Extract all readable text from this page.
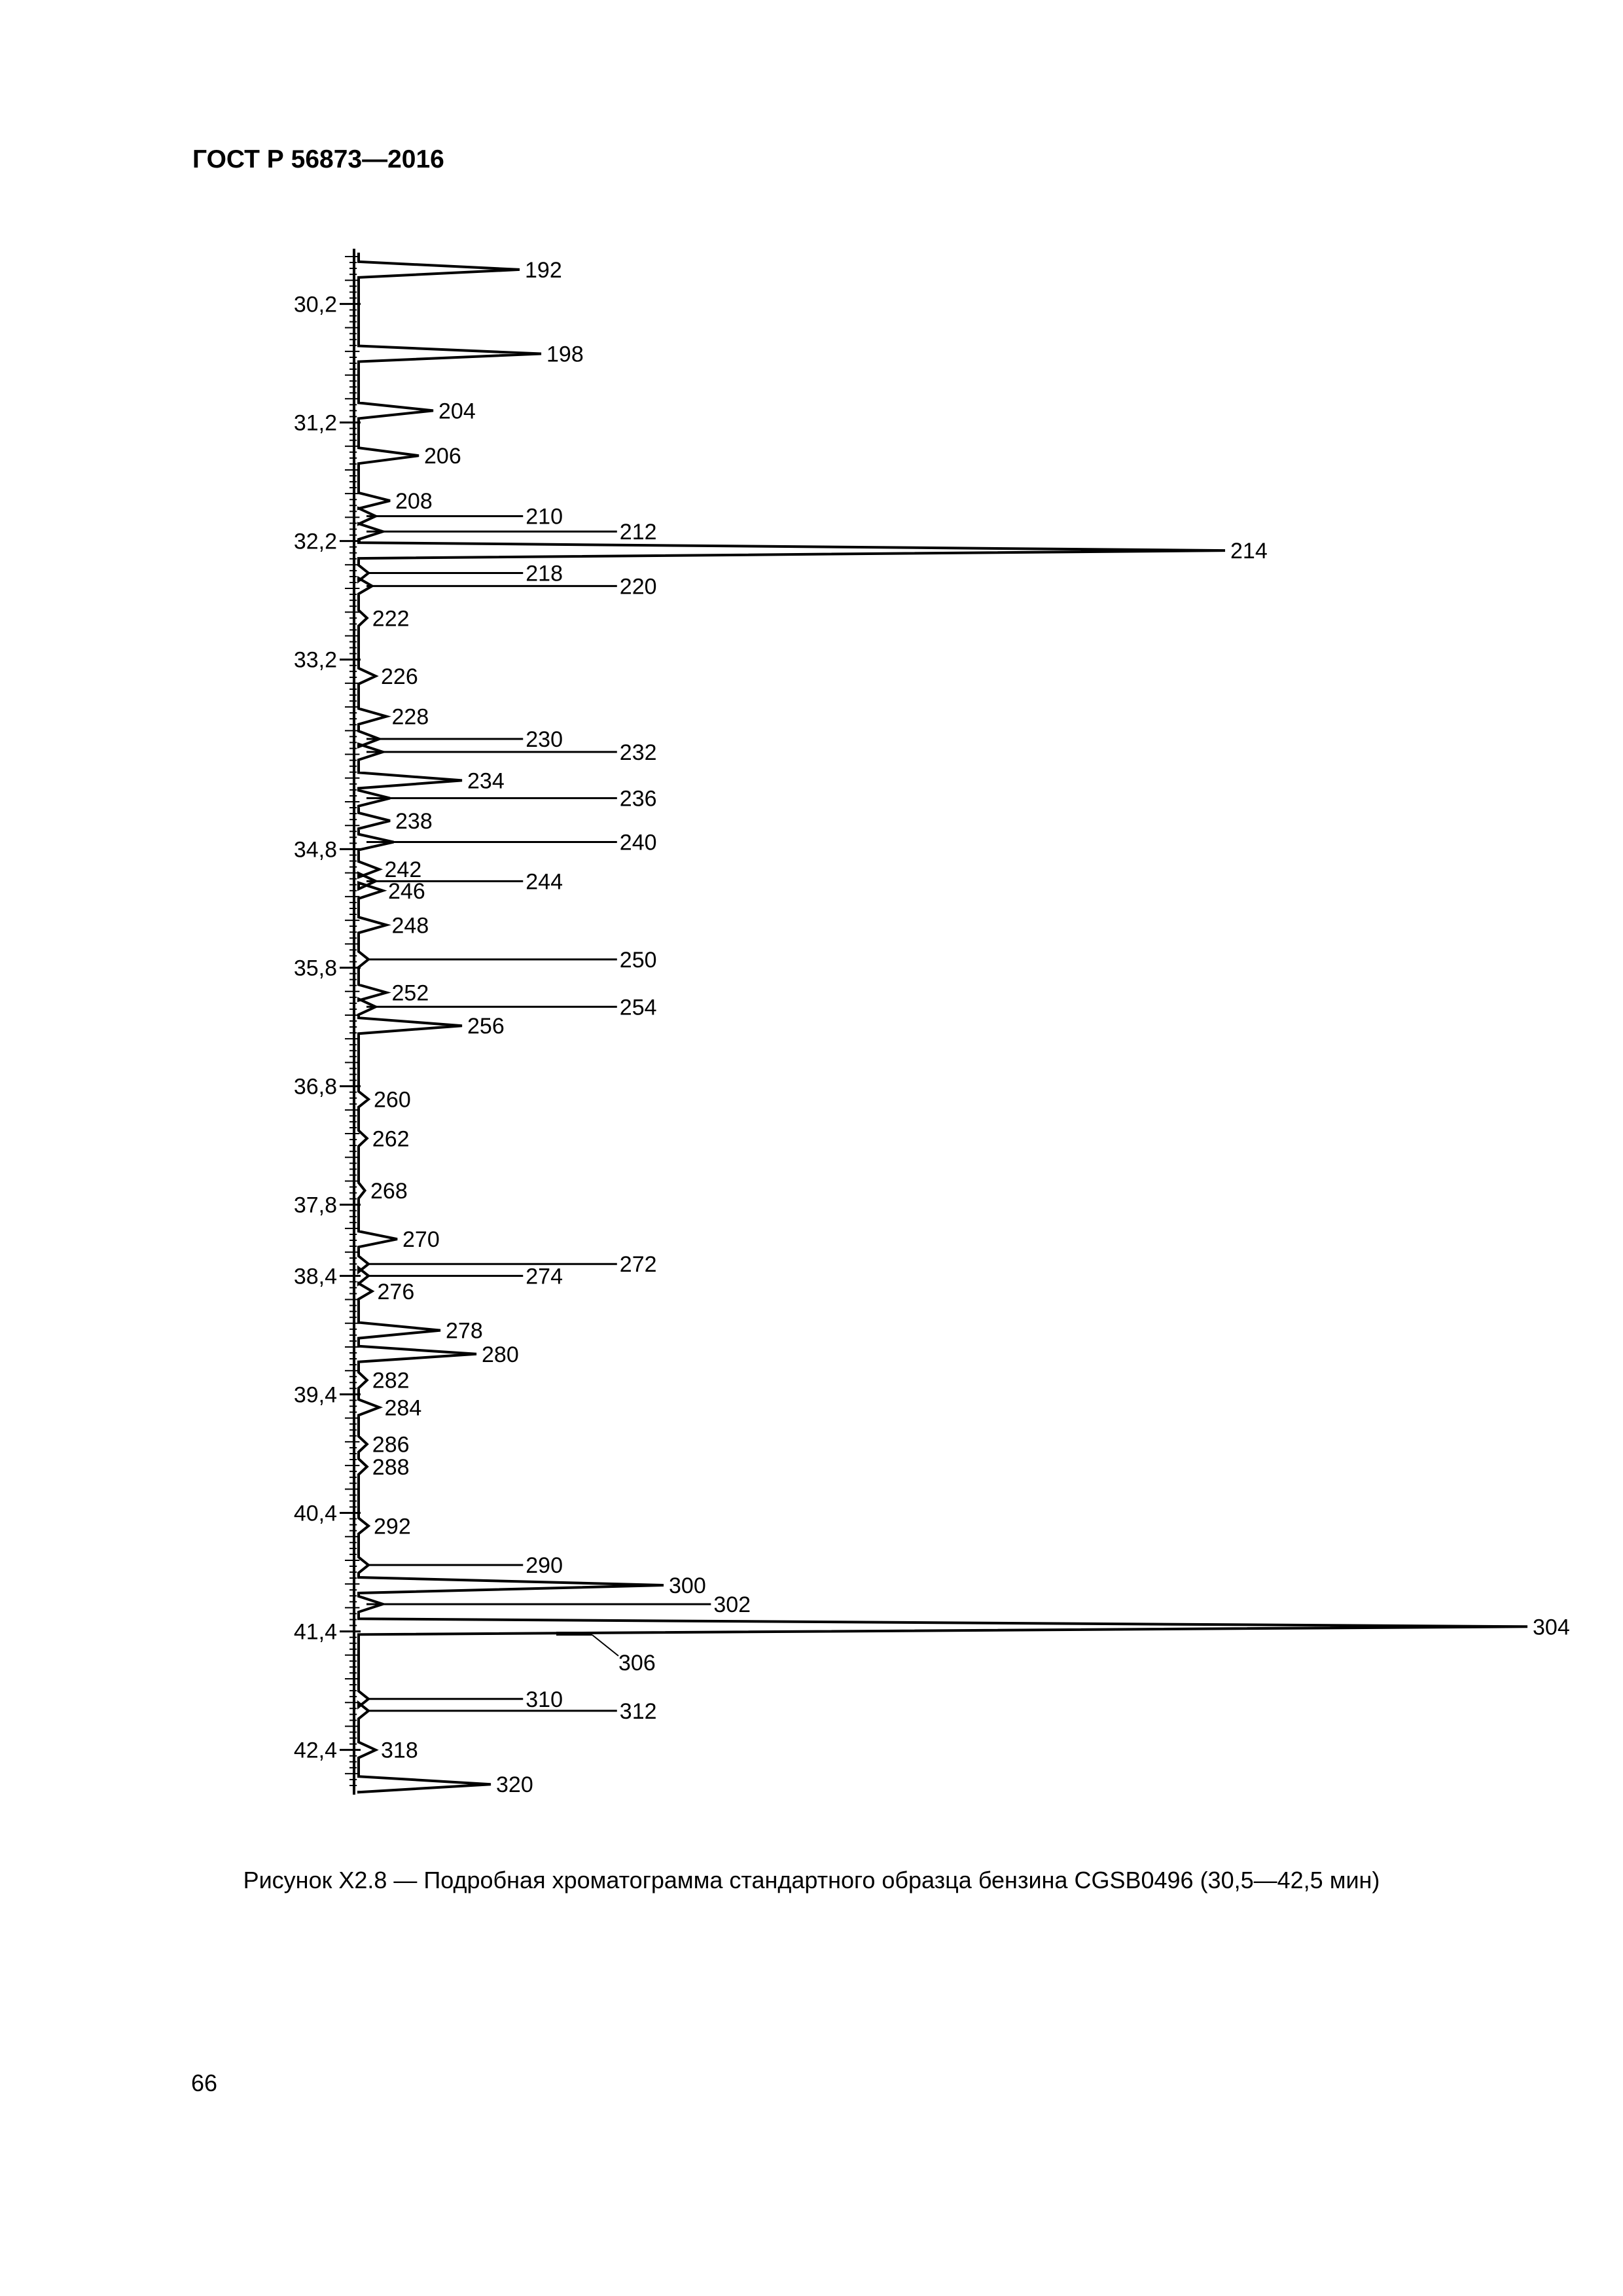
ГОСТ Р 56873—2016
30,2
31,2
32,2
33,2
34,8
35,8
36,8
37,8
38,4
39,4
40,4
41,4
42,4
192
198
204
206
208
210
212
214
218
220
222
226
228
230
232
234
236
238
240
242	244
246
248
250
252
254
256
260
262
268
270
272
274
276
278
280
282
284
286
288
292
290
300
302
304
306
310	312
318
320
Рисунок X2.8 — Подробная хроматограмма стандартного образца бензина CGSB0496 (30,5—42,5 мин)
66
